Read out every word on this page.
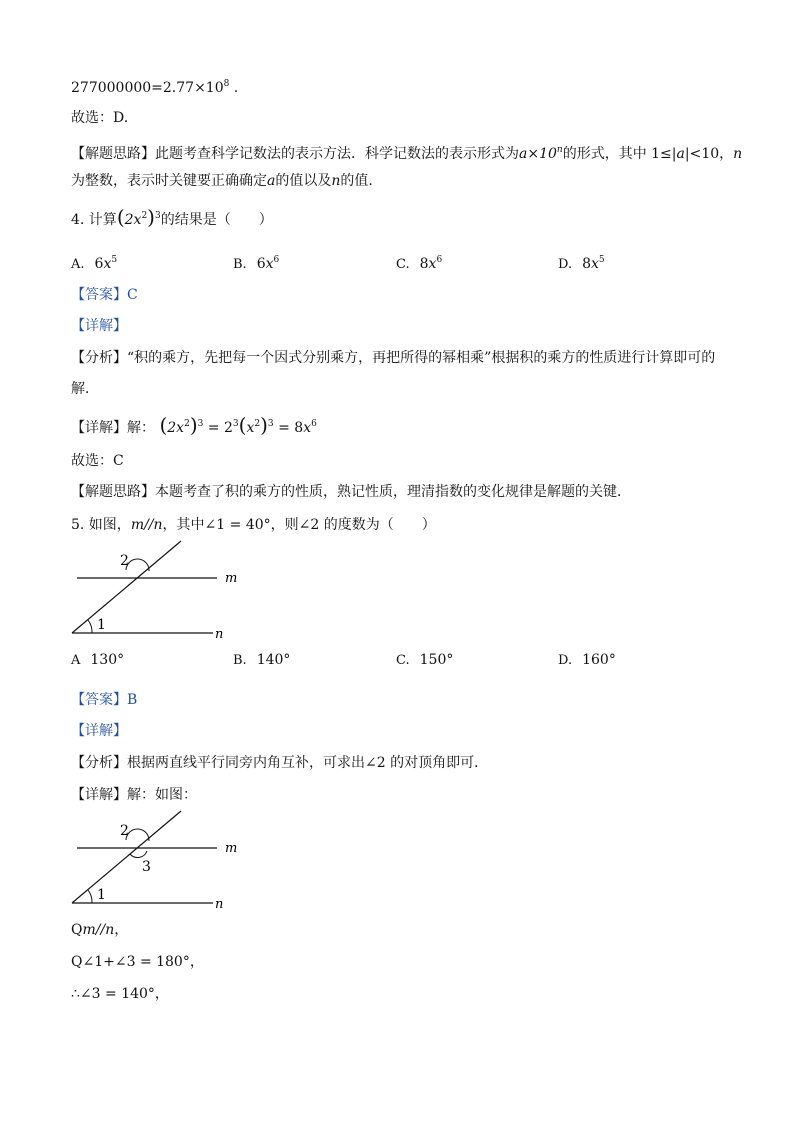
$277000000=2.77\times 10^8$ .
故选：D.
【解题思路】此题考查科学记数法的表示方法．科学记数法的表示形式为$a\times 10^n$的形式，其中 1≤|a|<10，n
为整数，表示时关键要正确确定a的值以及n的值.
4. 计算$(2x^2)^3$的结果是（　　）
A. $6x^5$	B. $6x^6$	C. $8x^6$	D. $8x^5$
【答案】C
【详解】
【分析】“积的乘方，先把每一个因式分别乘方，再把所得的幂相乘”根据积的乘方的性质进行计算即可的
解．
【详解】解： $(2x^2)^3 = 2^3(x^2)^3 = 8x^6$
故选：C
【解题思路】本题考查了积的乘方的性质，熟记性质，理清指数的变化规律是解题的关键．
5. 如图，m//n，其中∠1 = 40°，则∠2 的度数为（　　）
2
1
m
n
A 130°	B. 140°	C. 150°	D. 160°
【答案】B
【详解】
【分析】根据两直线平行同旁内角互补，可求出∠2 的对顶角即可．
【详解】解：如图：
2
3
1
m
n
Qm//n，
Q∠1+∠3 = 180°，
∴∠3 = 140°，
